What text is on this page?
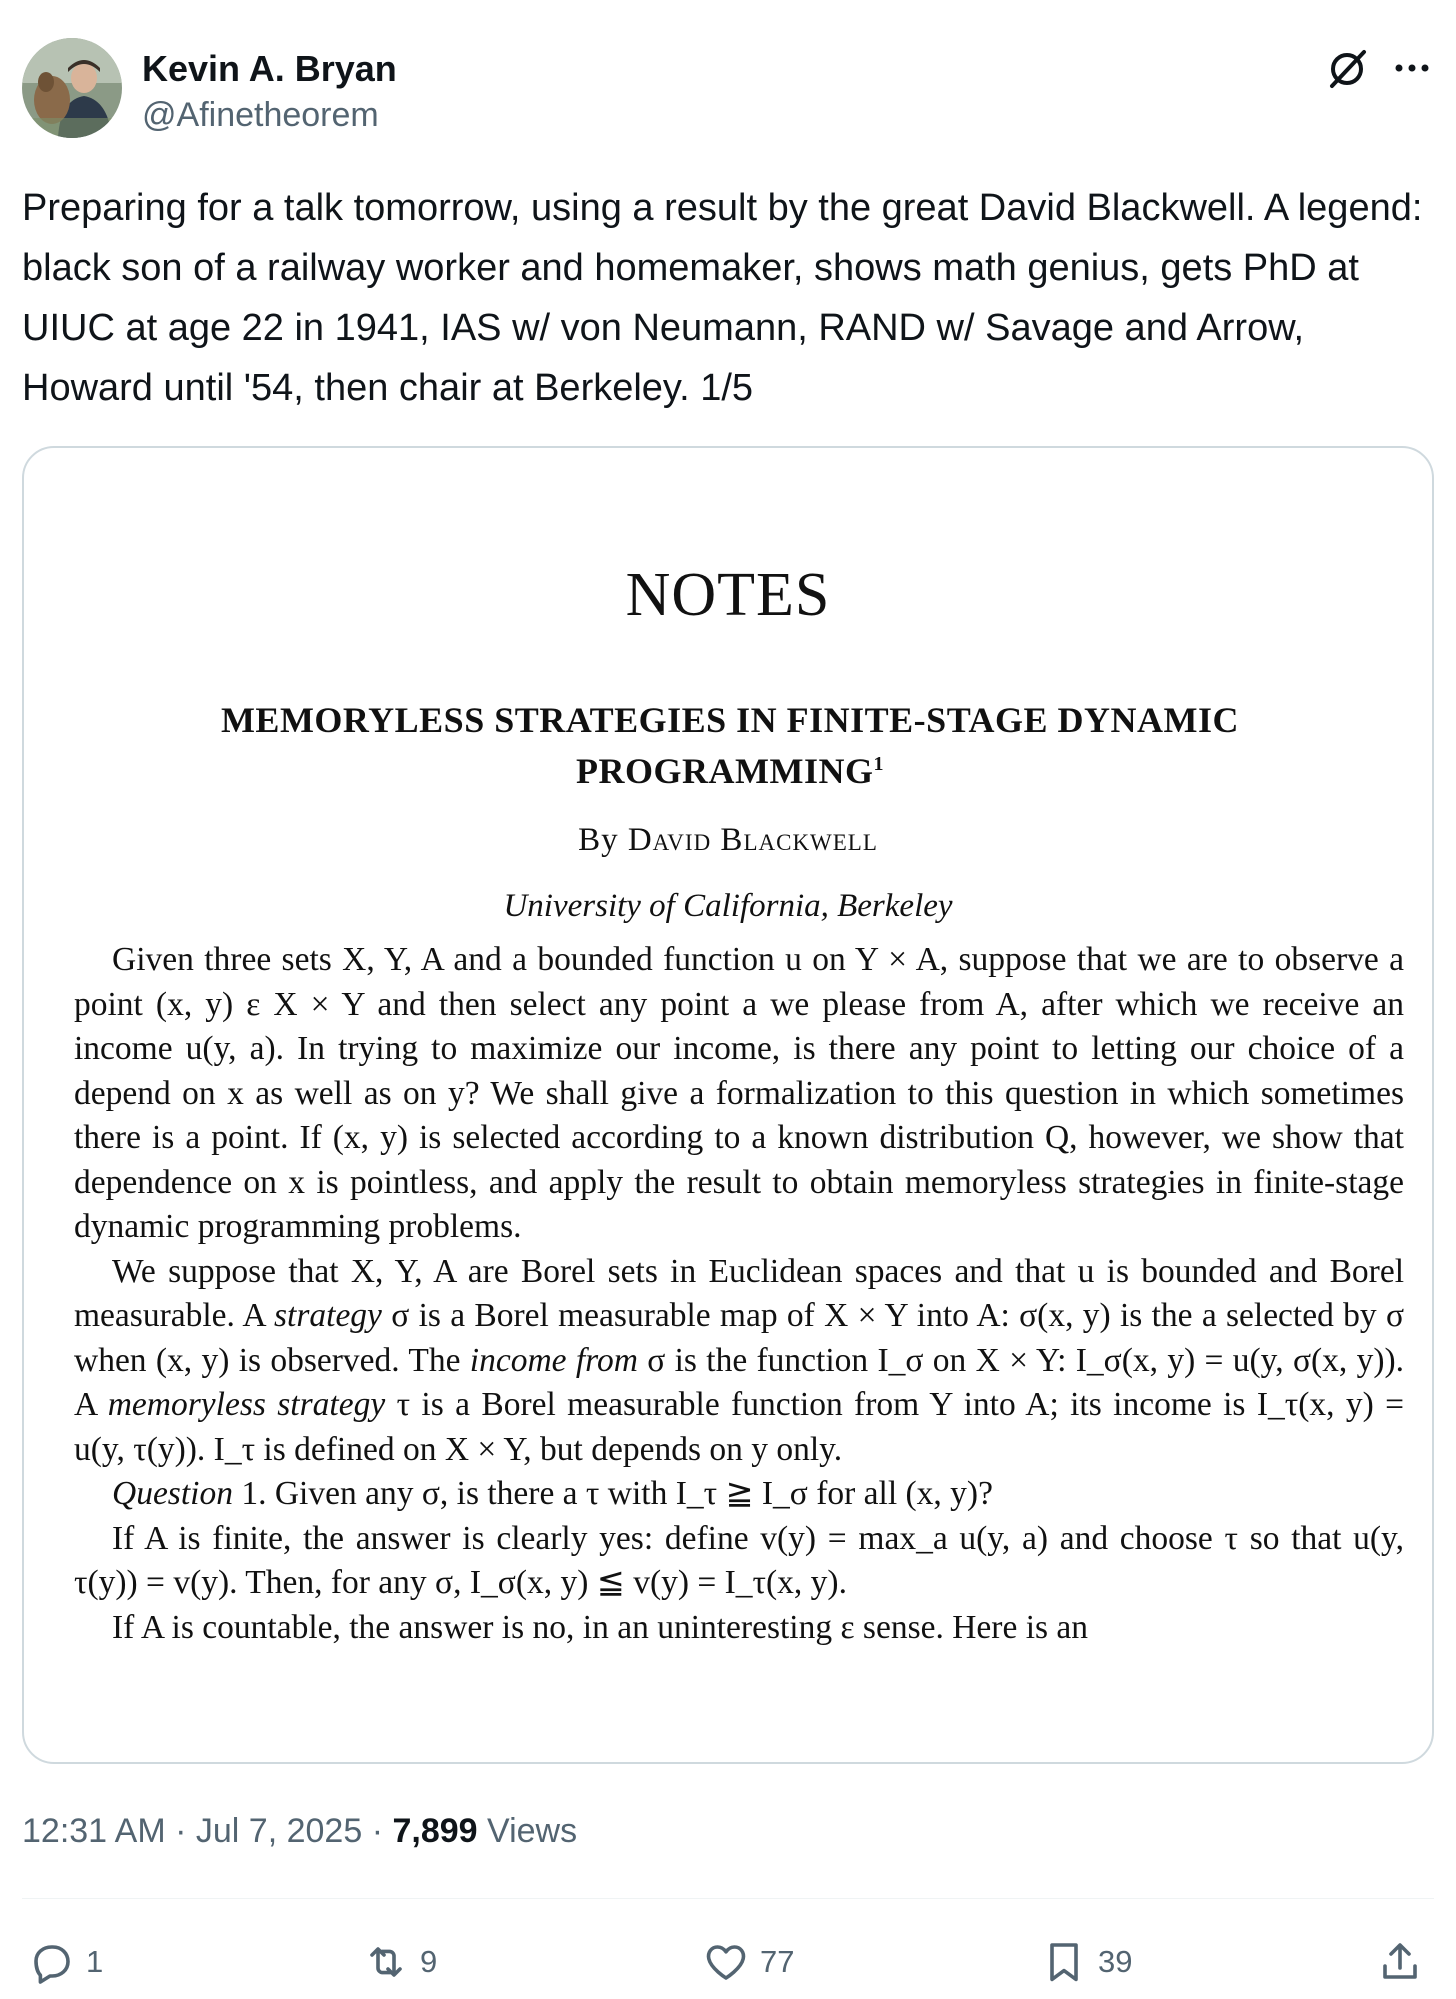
Kevin A. Bryan
@Afinetheorem
Preparing for a talk tomorrow, using a result by the great David Blackwell. A legend: black son of a railway worker and homemaker, shows math genius, gets PhD at UIUC at age 22 in 1941, IAS w/ von Neumann, RAND w/ Savage and Arrow, Howard until '54, then chair at Berkeley. 1/5
NOTES
MEMORYLESS STRATEGIES IN FINITE-STAGE DYNAMIC PROGRAMMING$^1$
By David Blackwell
University of California, Berkeley

Given three sets X, Y, A and a bounded function u on Y × A, suppose that we are to observe a point (x, y) ε X × Y and then select any point a we please from A, after which we receive an income u(y, a). In trying to maximize our income, is there any point to letting our choice of a depend on x as well as on y? We shall give a formalization to this question in which sometimes there is a point. If (x, y) is selected according to a known distribution Q, however, we show that dependence on x is pointless, and apply the result to obtain memoryless strategies in finite-stage dynamic programming problems.

We suppose that X, Y, A are Borel sets in Euclidean spaces and that u is bounded and Borel measurable. A strategy σ is a Borel measurable map of X × Y into A: σ(x, y) is the a selected by σ when (x, y) is observed. The income from σ is the function I_σ on X × Y: I_σ(x, y) = u(y, σ(x, y)). A memoryless strategy τ is a Borel measurable function from Y into A; its income is I_τ(x, y) = u(y, τ(y)). I_τ is defined on X × Y, but depends on y only.

Question 1. Given any σ, is there a τ with I_τ ≧ I_σ for all (x, y)?

If A is finite, the answer is clearly yes: define v(y) = max_a u(y, a) and choose τ so that u(y, τ(y)) = v(y). Then, for any σ, I_σ(x, y) ≦ v(y) = I_τ(x, y).

If A is countable, the answer is no, in an uninteresting ε sense. Here is an

12:31 AM · Jul 7, 2025 · 7,899 Views
1	9	77	39
